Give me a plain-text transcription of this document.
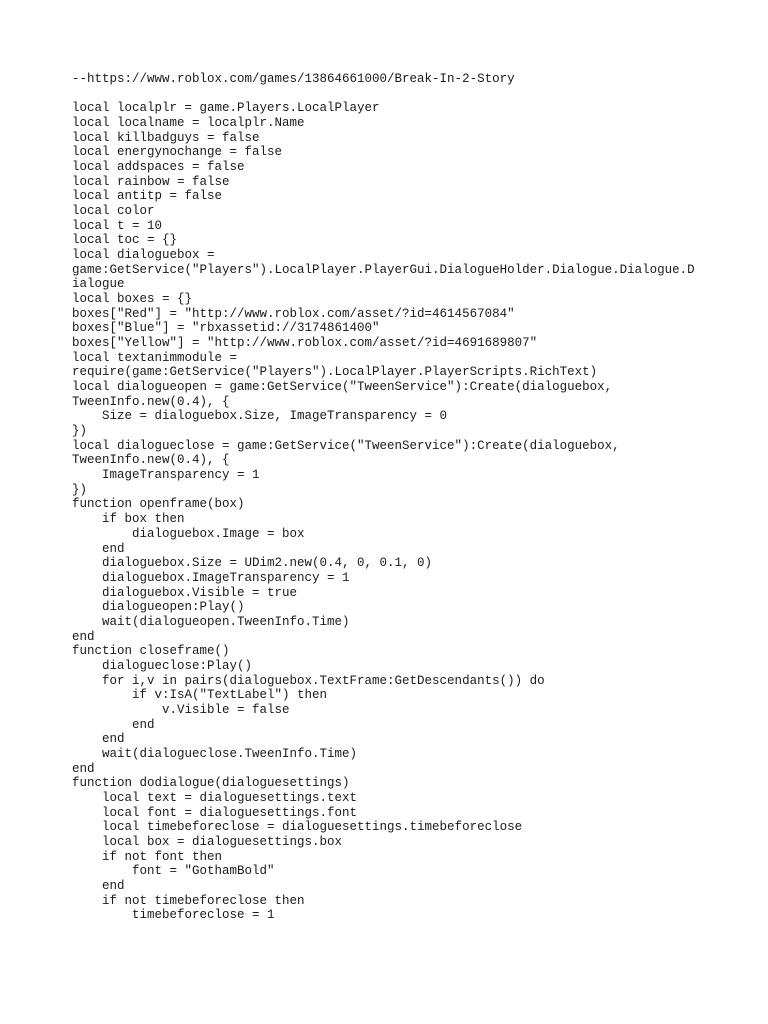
--https://www.roblox.com/games/13864661000/Break-In-2-Story
local localplr = game.Players.LocalPlayer
local localname = localplr.Name
local killbadguys = false
local energynochange = false
local addspaces = false
local rainbow = false
local antitp = false
local color
local t = 10
local toc = {}
local dialoguebox =
game:GetService("Players").LocalPlayer.PlayerGui.DialogueHolder.Dialogue.Dialogue.D
ialogue
local boxes = {}
boxes["Red"] = "http://www.roblox.com/asset/?id=4614567084"
boxes["Blue"] = "rbxassetid://3174861400"
boxes["Yellow"] = "http://www.roblox.com/asset/?id=4691689807"
local textanimmodule =
require(game:GetService("Players").LocalPlayer.PlayerScripts.RichText)
local dialogueopen = game:GetService("TweenService"):Create(dialoguebox,
TweenInfo.new(0.4), {
Size = dialoguebox.Size, ImageTransparency = 0
})
local dialogueclose = game:GetService("TweenService"):Create(dialoguebox,
TweenInfo.new(0.4), {
ImageTransparency = 1
})
function openframe(box)
if box then
dialoguebox.Image = box
end
dialoguebox.Size = UDim2.new(0.4, 0, 0.1, 0)
dialoguebox.ImageTransparency = 1
dialoguebox.Visible = true
dialogueopen:Play()
wait(dialogueopen.TweenInfo.Time)
end
function closeframe()
dialogueclose:Play()
for i,v in pairs(dialoguebox.TextFrame:GetDescendants()) do
if v:IsA("TextLabel") then
v.Visible = false
end
end
wait(dialogueclose.TweenInfo.Time)
end
function dodialogue(dialoguesettings)
local text = dialoguesettings.text
local font = dialoguesettings.font
local timebeforeclose = dialoguesettings.timebeforeclose
local box = dialoguesettings.box
if not font then
font = "GothamBold"
end
if not timebeforeclose then
timebeforeclose = 1
